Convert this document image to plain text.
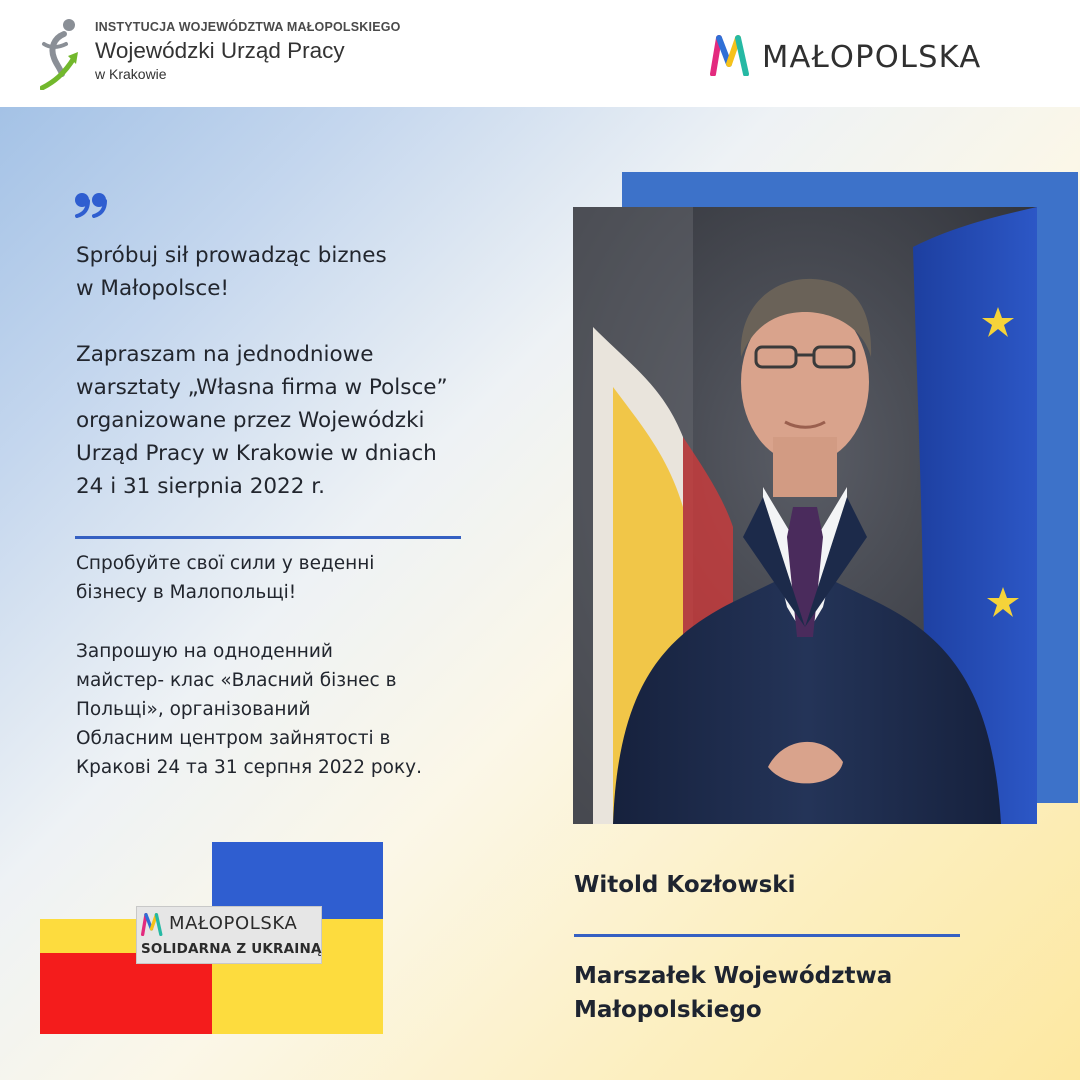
INSTYTUCJA WOJEWÓDZTWA MAŁOPOLSKIEGO
Wojewódzki Urząd Pracy
w Krakowie	MAŁOPOLSKA
Spróbuj sił prowadząc biznes
w Małopolsce!
Zapraszam na jednodniowe
warsztaty „Własna firma w Polsce”
organizowane przez Wojewódzki
Urząd Pracy w Krakowie w dniach
24 i 31 sierpnia 2022 r.
Спробуйте свої сили у веденні
бізнесу в Малопольщі!
Запрошую на одноденний
майстер- клас «Власний бізнес в
Польщі», організований
Обласним центром зайнятості в
Кракові 24 та 31 серпня 2022 року.
MAŁOPOLSKA
SOLIDARNA Z UKRAINĄ
Witold Kozłowski
Marszałek Województwa
Małopolskiego
